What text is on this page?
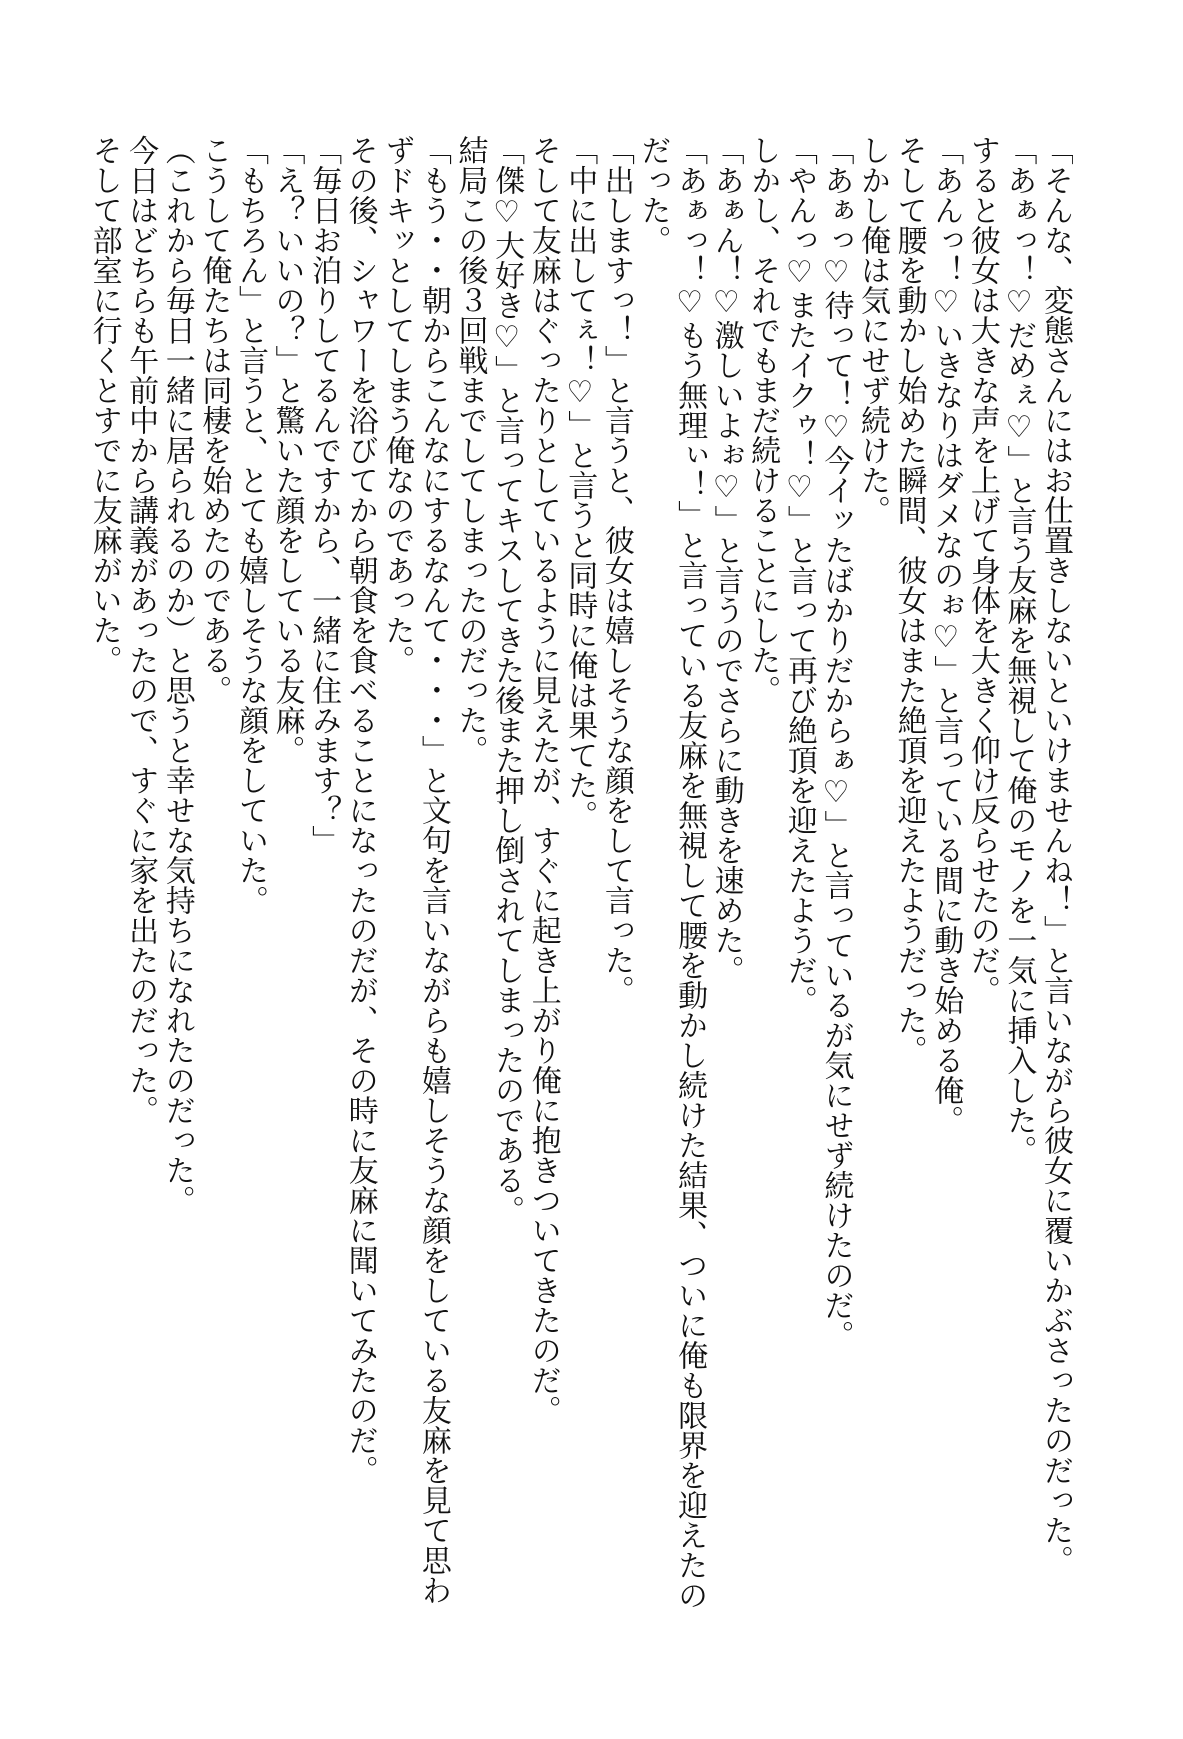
「そんな、変態さんにはお仕置きしないといけませんね！」と言いながら彼女に覆いかぶさったのだった。

「あぁっ！♡だめぇ♡」と言う友麻を無視して俺のモノを一気に挿入した。

すると彼女は大きな声を上げて身体を大きく仰け反らせたのだ。

「あんっ！♡いきなりはダメなのぉ♡」と言っている間に動き始める俺。

そして腰を動かし始めた瞬間、彼女はまた絶頂を迎えたようだった。

しかし俺は気にせず続けた。

「あぁっ♡待って！♡今イッたばかりだからぁ♡」と言っているが気にせず続けたのだ。

「やんっ♡またイクゥ！♡」と言って再び絶頂を迎えたようだ。

しかし、それでもまだ続けることにした。

「あぁん！♡激しいよぉ♡」と言うのでさらに動きを速めた。

「あぁっ！♡もう無理ぃ！」と言っている友麻を無視して腰を動かし続けた結果、ついに俺も限界を迎えたのだった。

「出しますっ！」と言うと、彼女は嬉しそうな顔をして言った。

「中に出してぇ！♡」と言うと同時に俺は果てた。

そして友麻はぐったりとしているように見えたが、すぐに起き上がり俺に抱きついてきたのだ。

「傑♡大好き♡」と言ってキスしてきた後また押し倒されてしまったのである。

結局この後３回戦までしてしまったのだった。

「もう・・朝からこんなにするなんて・・・」と文句を言いながらも嬉しそうな顔をしている友麻を見て思わずドキッとしてしまう俺なのであった。

その後、シャワーを浴びてから朝食を食べることになったのだが、その時に友麻に聞いてみたのだ。

「毎日お泊りしてるんですから、一緒に住みます？」

「え？いいの？」と驚いた顔をしている友麻。

「もちろん」と言うと、とても嬉しそうな顔をしていた。

こうして俺たちは同棲を始めたのである。

（これから毎日一緒に居られるのか）と思うと幸せな気持ちになれたのだった。

今日はどちらも午前中から講義があったので、すぐに家を出たのだった。

そして部室に行くとすでに友麻がいた。
